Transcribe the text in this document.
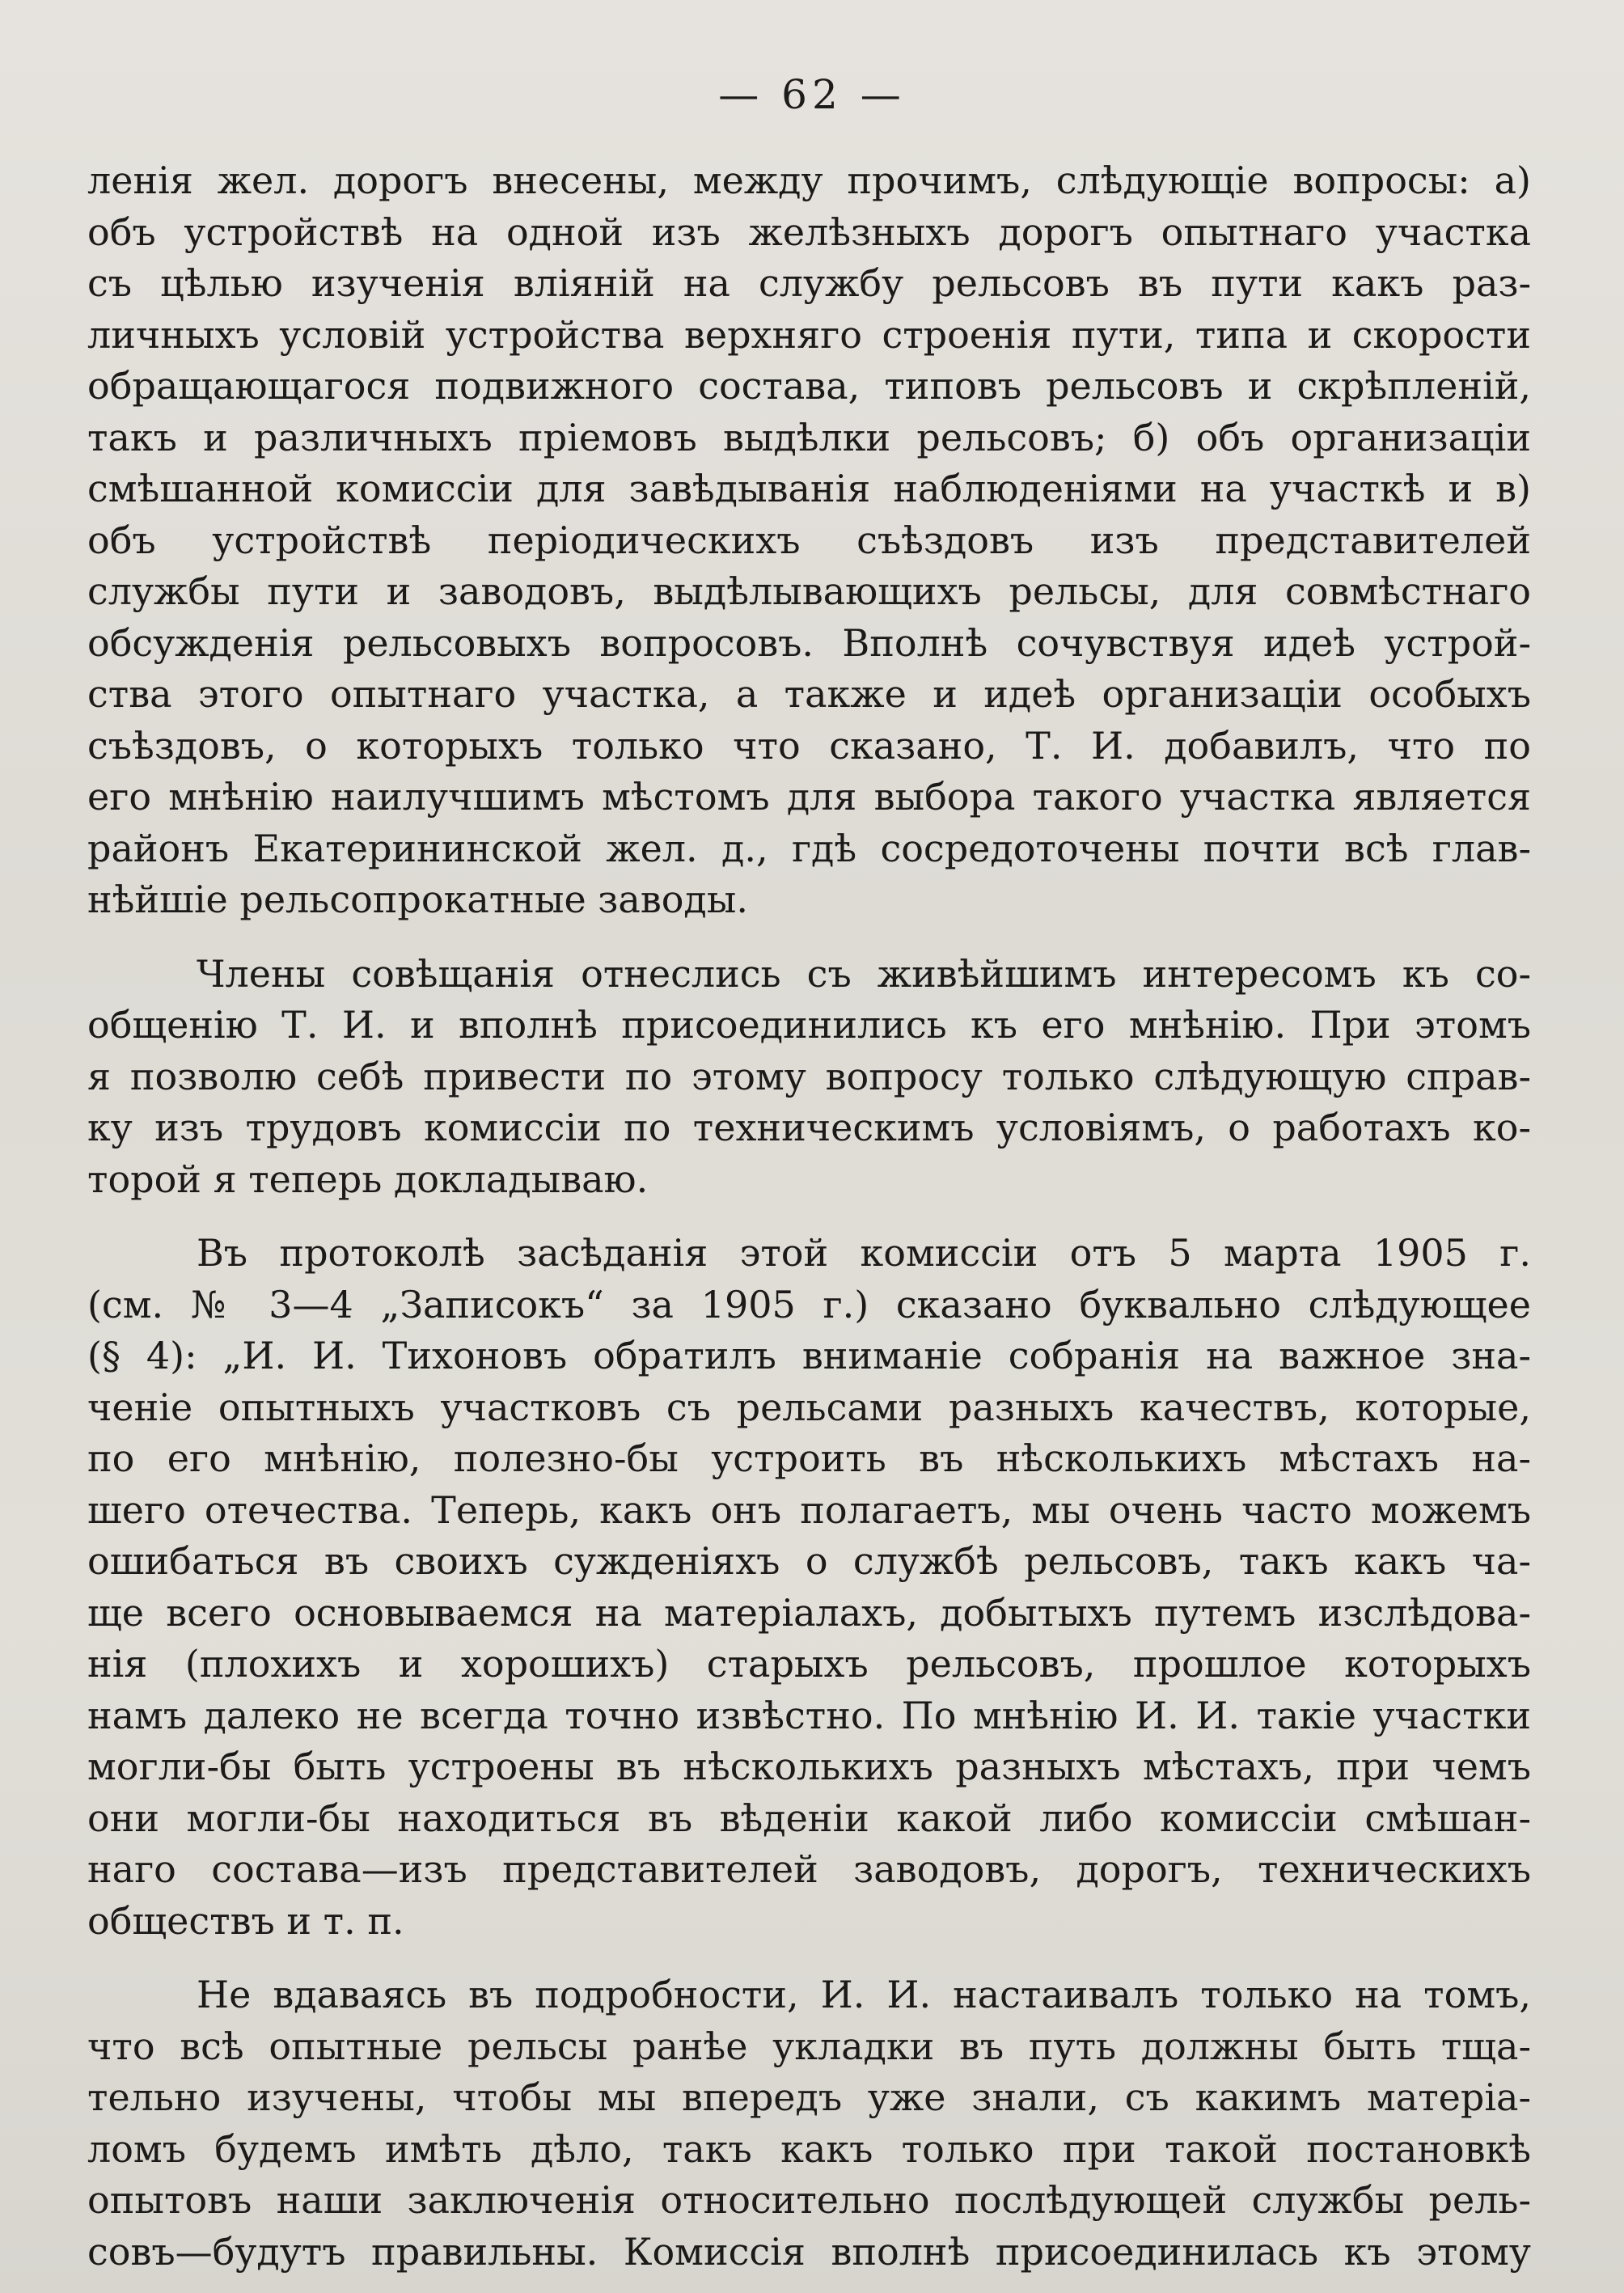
— 62 —
ленія жел. дорогъ внесены, между прочимъ, слѣдующіе вопросы: а)
объ устройствѣ на одной изъ желѣзныхъ дорогъ опытнаго участка
съ цѣлью изученія вліяній на службу рельсовъ въ пути какъ раз-
личныхъ условій устройства верхняго строенія пути, типа и скорости
обращающагося подвижного состава, типовъ рельсовъ и скрѣпленій,
такъ и различныхъ пріемовъ выдѣлки рельсовъ; б) объ организаціи
смѣшанной комиссіи для завѣдыванія наблюденіями на участкѣ и в)
объ устройствѣ періодическихъ съѣздовъ изъ представителей
службы пути и заводовъ, выдѣлывающихъ рельсы, для совмѣстнаго
обсужденія рельсовыхъ вопросовъ. Вполнѣ сочувствуя идеѣ устрой-
ства этого опытнаго участка, а также и идеѣ организаціи особыхъ
съѣздовъ, о которыхъ только что сказано, Т. И. добавилъ, что по
его мнѣнію наилучшимъ мѣстомъ для выбора такого участка является
районъ Екатерининской жел. д., гдѣ сосредоточены почти всѣ глав-
нѣйшіе рельсопрокатные заводы.
Члены совѣщанія отнеслись съ живѣйшимъ интересомъ къ со-
общенію Т. И. и вполнѣ присоединились къ его мнѣнію. При этомъ
я позволю себѣ привести по этому вопросу только слѣдующую справ-
ку изъ трудовъ комиссіи по техническимъ условіямъ, о работахъ ко-
торой я теперь докладываю.
Въ протоколѣ засѣданія этой комиссіи отъ 5 марта 1905 г.
(см. № 3—4 „Записокъ“ за 1905 г.) сказано буквально слѣдующее
(§ 4): „И. И. Тихоновъ обратилъ вниманіе собранія на важное зна-
ченіе опытныхъ участковъ съ рельсами разныхъ качествъ, которые,
по его мнѣнію, полезно-бы устроить въ нѣсколькихъ мѣстахъ на-
шего отечества. Теперь, какъ онъ полагаетъ, мы очень часто можемъ
ошибаться въ своихъ сужденіяхъ о службѣ рельсовъ, такъ какъ ча-
ще всего основываемся на матеріалахъ, добытыхъ путемъ изслѣдова-
нія (плохихъ и хорошихъ) старыхъ рельсовъ, прошлое которыхъ
намъ далеко не всегда точно извѣстно. По мнѣнію И. И. такіе участки
могли-бы быть устроены въ нѣсколькихъ разныхъ мѣстахъ, при чемъ
они могли-бы находиться въ вѣденіи какой либо комиссіи смѣшан-
наго состава—изъ представителей заводовъ, дорогъ, техническихъ
обществъ и т. п.
Не вдаваясь въ подробности, И. И. настаивалъ только на томъ,
что всѣ опытные рельсы ранѣе укладки въ путь должны быть тща-
тельно изучены, чтобы мы впередъ уже знали, съ какимъ матеріа-
ломъ будемъ имѣть дѣло, такъ какъ только при такой постановкѣ
опытовъ наши заключенія относительно послѣдующей службы рель-
совъ—будутъ правильны. Комиссія вполнѣ присоединилась къ этому
